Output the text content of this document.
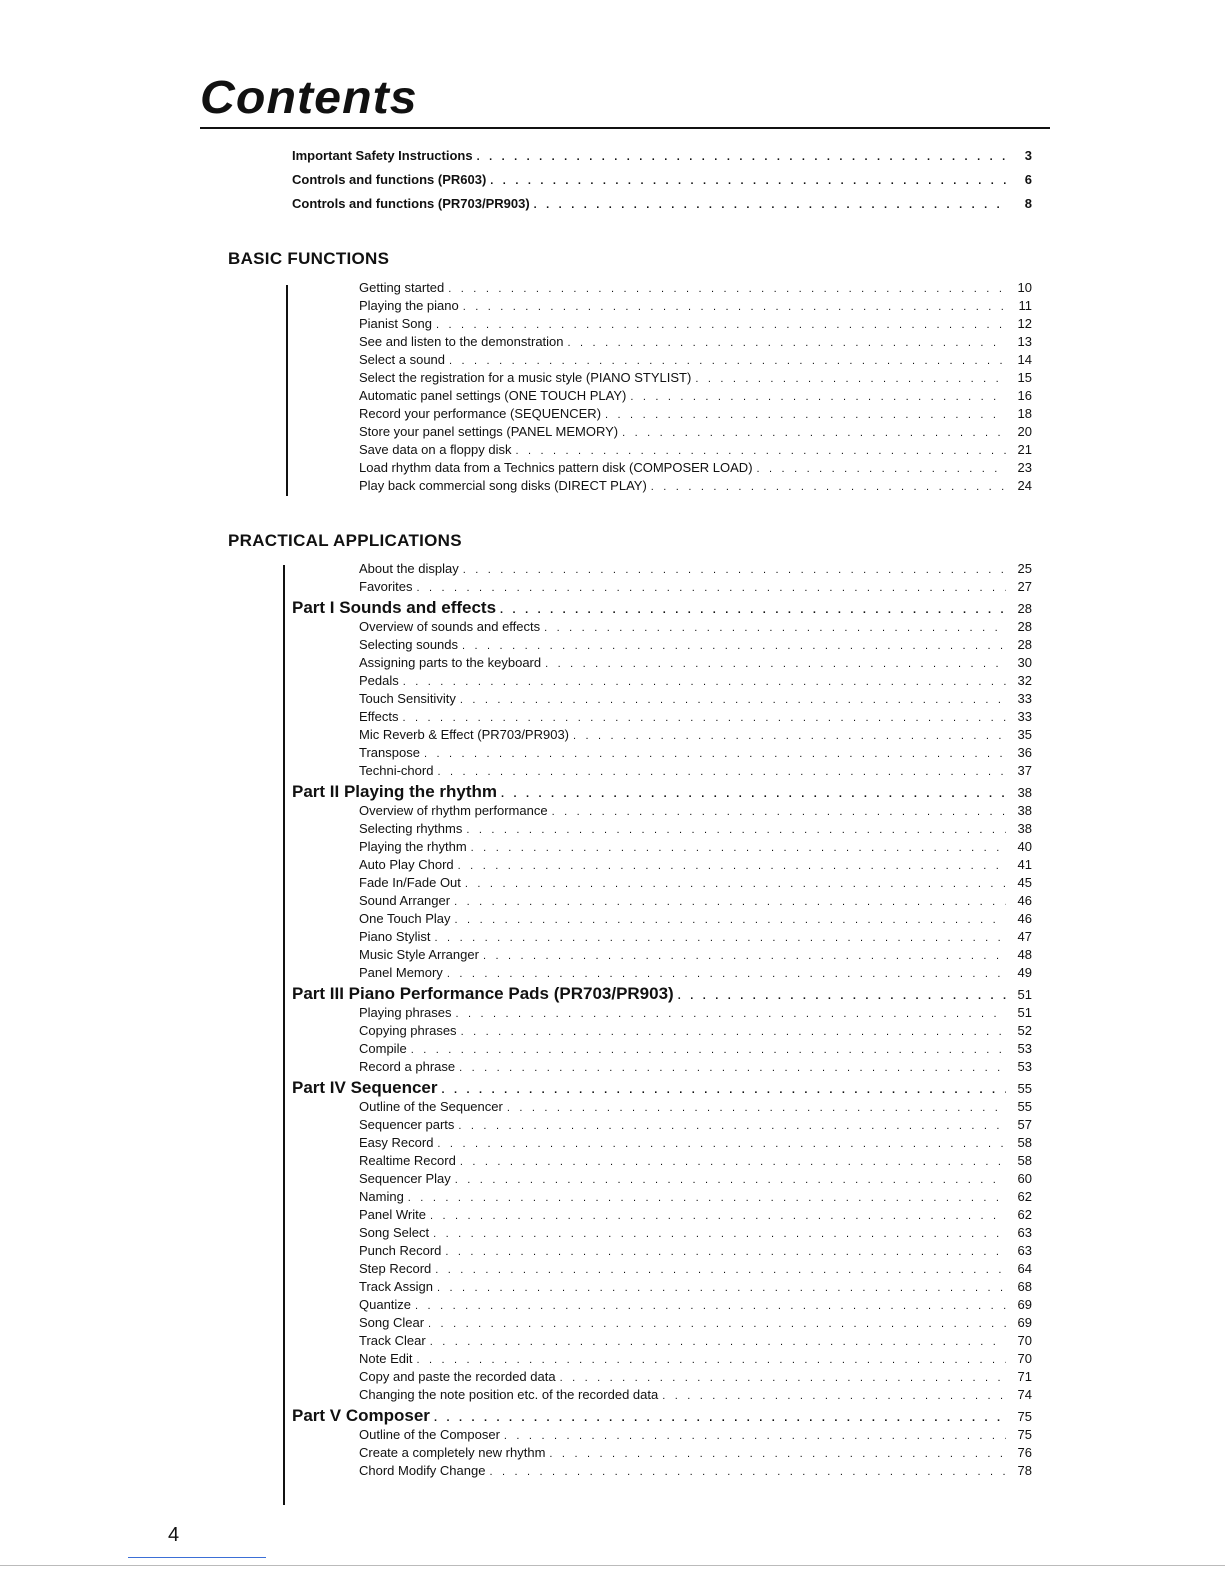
Contents
Important Safety Instructions . . .	3
Controls and functions (PR603) . . .	6
Controls and functions (PR703/PR903) . . .	8
BASIC FUNCTIONS
Getting started . . .	10
Playing the piano . . .	11
Pianist Song . . .	12
See and listen to the demonstration . . .	13
Select a sound . . .	14
Select the registration for a music style (PIANO STYLIST) . . .	15
Automatic panel settings (ONE TOUCH PLAY) . . .	16
Record your performance (SEQUENCER) . . .	18
Store your panel settings (PANEL MEMORY) . . .	20
Save data on a floppy disk . . .	21
Load rhythm data from a Technics pattern disk (COMPOSER LOAD) . . .	23
Play back commercial song disks (DIRECT PLAY) . . .	24
PRACTICAL APPLICATIONS
About the display . . .	25
Favorites . . .	27
Part I Sounds and effects . . .	28
Overview of sounds and effects . . .	28
Selecting sounds . . .	28
Assigning parts to the keyboard . . .	30
Pedals . . .	32
Touch Sensitivity . . .	33
Effects . . .	33
Mic Reverb & Effect (PR703/PR903) . . .	35
Transpose . . .	36
Techni-chord . . .	37
Part II Playing the rhythm . . .	38
Overview of rhythm performance . . .	38
Selecting rhythms . . .	38
Playing the rhythm . . .	40
Auto Play Chord . . .	41
Fade In/Fade Out . . .	45
Sound Arranger . . .	46
One Touch Play . . .	46
Piano Stylist . . .	47
Music Style Arranger . . .	48
Panel Memory . . .	49
Part III Piano Performance Pads (PR703/PR903) . . .	51
Playing phrases . . .	51
Copying phrases . . .	52
Compile . . .	53
Record a phrase . . .	53
Part IV Sequencer . . .	55
Outline of the Sequencer . . .	55
Sequencer parts . . .	57
Easy Record . . .	58
Realtime Record . . .	58
Sequencer Play . . .	60
Naming . . .	62
Panel Write . . .	62
Song Select . . .	63
Punch Record . . .	63
Step Record . . .	64
Track Assign . . .	68
Quantize . . .	69
Song Clear . . .	69
Track Clear . . .	70
Note Edit . . .	70
Copy and paste the recorded data . . .	71
Changing the note position etc. of the recorded data . . .	74
Part V Composer . . .	75
Outline of the Composer . . .	75
Create a completely new rhythm . . .	76
Chord Modify Change . . .	78
4
